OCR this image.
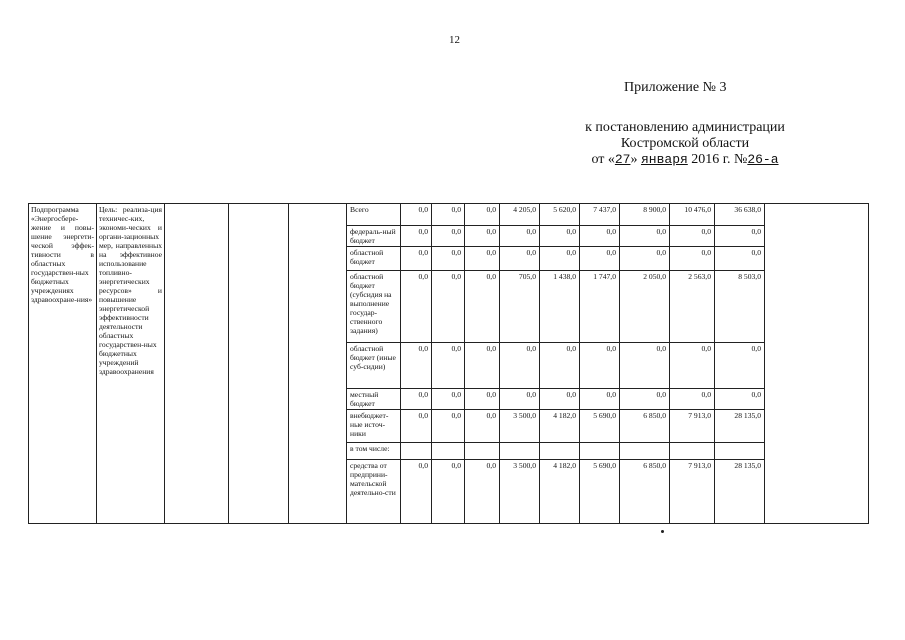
12
Приложение № 3
к постановлению администрации
Костромской области
от «27» января 2016 г. №26-а
Подпрограмма «Энергосбере-жение и повы-шение энергети-ческой эффек-тивности в областных государствен-ных бюджетных учреждениях здравоохране-ния»	Цель: реализа-ция техничес-ких, экономи-ческих и органи-зационных мер, направленных на эффективное использование топливно-энергетических ресурсов» и повышение энергетической эффективности деятельности областных государствен-ных бюджетных учреждений здравоохранения				Всего	0,0	0,0	0,0	4 205,0	5 620,0	7 437,0	8 900,0	10 476,0	36 638,0	
					федераль-ный бюджет	0,0	0,0	0,0	0,0	0,0	0,0	0,0	0,0	0,0	
					областной бюджет	0,0	0,0	0,0	0,0	0,0	0,0	0,0	0,0	0,0	
					областной бюджет (субсидия на выполнение государ-ственного задания)	0,0	0,0	0,0	705,0	1 438,0	1 747,0	2 050,0	2 563,0	8 503,0	
					областной бюджет (иные суб-сидии)	0,0	0,0	0,0	0,0	0,0	0,0	0,0	0,0	0,0	
					местный бюджет	0,0	0,0	0,0	0,0	0,0	0,0	0,0	0,0	0,0	
					внебюджет-ные источ-ники	0,0	0,0	0,0	3 500,0	4 182,0	5 690,0	6 850,0	7 913,0	28 135,0	
					в том числе:										
					средства от предприни-мательской деятельно-сти	0,0	0,0	0,0	3 500,0	4 182,0	5 690,0	6 850,0	7 913,0	28 135,0	
